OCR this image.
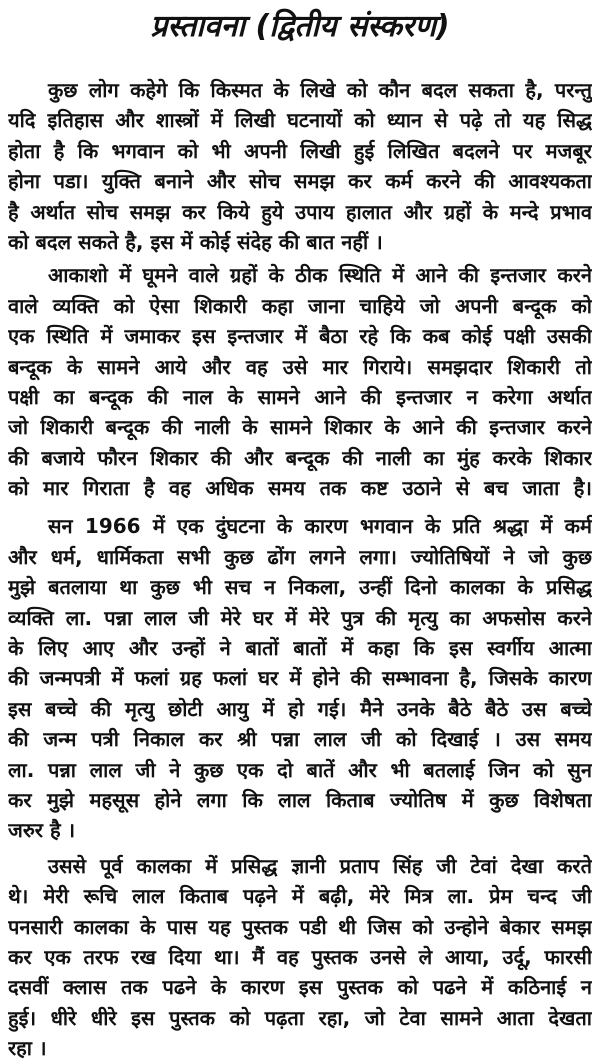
प्रस्तावना (द्वितीय संस्करण)
कुछ लोग कहेगे कि किस्मत के लिखे को कौन बदल सकता है, परन्तु
यदि इतिहास और शास्त्रों में लिखी घटनायों को ध्यान से पढ़े तो यह सिद्ध
होता है कि भगवान को भी अपनी लिखी हुई लिखित बदलने पर मजबूर
होना पडा। युक्ति बनाने और सोच समझ कर कर्म करने की आवश्यकता
है अर्थात सोच समझ कर किये हुये उपाय हालात और ग्रहों के मन्दे प्रभाव
को बदल सकते है, इस में कोई संदेह की बात नहीं ।
आकाशो में घूमने वाले ग्रहों के ठीक स्थिति में आने की इन्तजार करने
वाले व्यक्ति को ऐसा शिकारी कहा जाना चाहिये जो अपनी बन्दूक को
एक स्थिति में जमाकर इस इन्तजार में बैठा रहे कि कब कोई पक्षी उसकी
बन्दूक के सामने आये और वह उसे मार गिराये। समझदार शिकारी तो
पक्षी का बन्दूक की नाल के सामने आने की इन्तजार न करेगा अर्थात
जो शिकारी बन्दूक की नाली के सामने शिकार के आने की इन्तजार करने
की बजाये फौरन शिकार की और बन्दूक की नाली का मुंह करके शिकार
को मार गिराता है वह अधिक समय तक कष्ट उठाने से बच जाता है।
सन 1966 में एक दुंघटना के कारण भगवान के प्रति श्रद्धा में कर्म
और धर्म, धार्मिकता सभी कुछ ढोंग लगने लगा। ज्योतिषियों ने जो कुछ
मुझे बतलाया था कुछ भी सच न निकला, उन्हीं दिनो कालका के प्रसिद्ध
व्यक्ति ला. पन्ना लाल जी मेरे घर में मेरे पुत्र की मृत्यु का अफसोस करने
के लिए आए और उन्हों ने बातों बातों में कहा कि इस स्वर्गीय आत्मा
की जन्मपत्री में फलां ग्रह फलां घर में होने की सम्भावना है, जिसके कारण
इस बच्चे की मृत्यु छोटी आयु में हो गई। मैने उनके बैठे बैठे उस बच्चे
की जन्म पत्री निकाल कर श्री पन्ना लाल जी को दिखाई । उस समय
ला. पन्ना लाल जी ने कुछ एक दो बातें और भी बतलाई जिन को सुन
कर मुझे महसूस होने लगा कि लाल किताब ज्योतिष में कुछ विशेषता
जरुर है ।
उससे पूर्व कालका में प्रसिद्ध ज्ञानी प्रताप सिंह जी टेवां देखा करते
थे। मेरी रूचि लाल किताब पढ़ने में बढ़ी, मेरे मित्र ला. प्रेम चन्द जी
पनसारी कालका के पास यह पुस्तक पडी थी जिस को उन्होने बेकार समझ
कर एक तरफ रख दिया था। मैं वह पुस्तक उनसे ले आया, उर्दू, फारसी
दसवीं क्लास तक पढने के कारण इस पुस्तक को पढने में कठिनाई न
हुई। धीरे धीरे इस पुस्तक को पढ़ता रहा, जो टेवा सामने आता देखता
रहा ।
